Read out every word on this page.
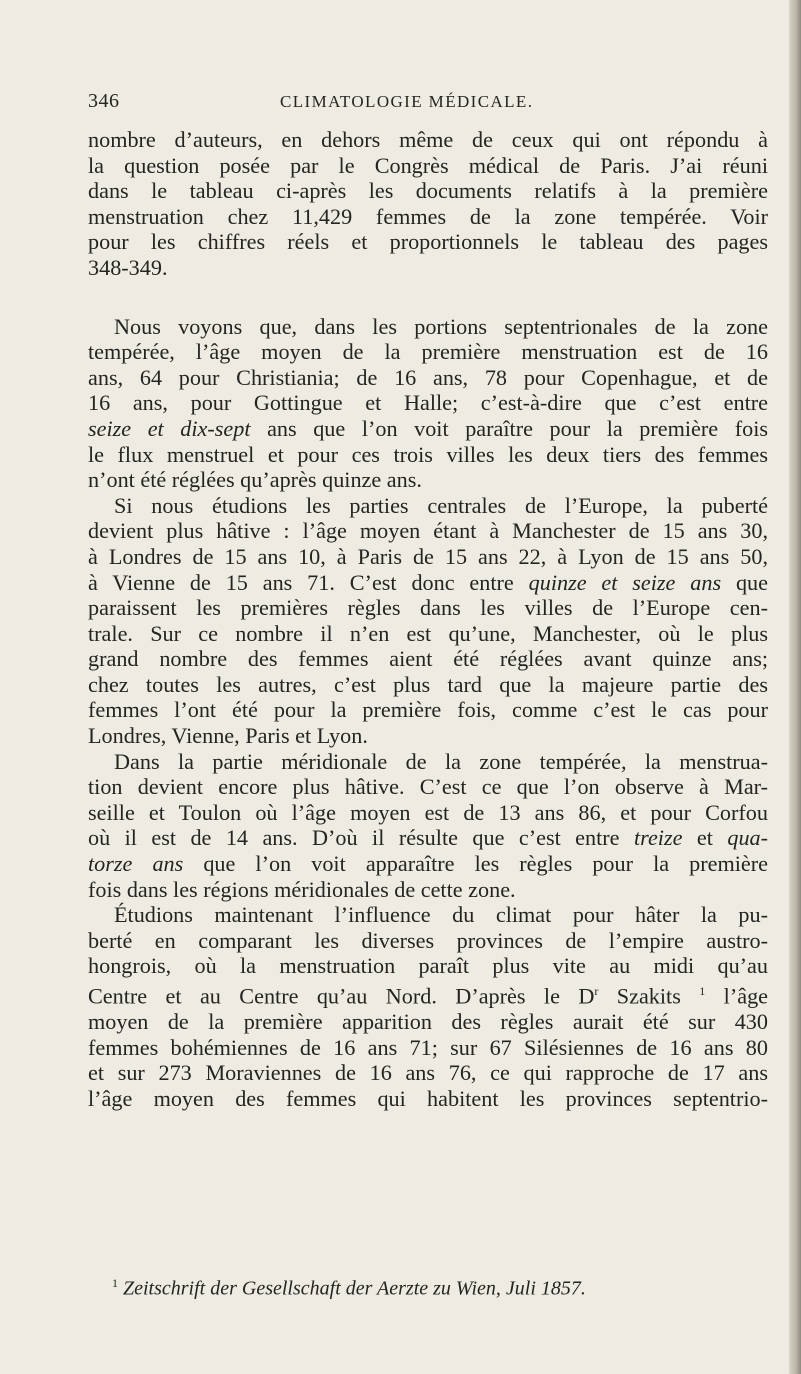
346	CLIMATOLOGIE MÉDICALE.
nombre d’auteurs, en dehors même de ceux qui ont répondu à
la question posée par le Congrès médical de Paris. J’ai réuni
dans le tableau ci-après les documents relatifs à la première
menstruation chez 11,429 femmes de la zone tempérée. Voir
pour les chiffres réels et proportionnels le tableau des pages
348-349.
Nous voyons que, dans les portions septentrionales de la zone
tempérée, l’âge moyen de la première menstruation est de 16
ans, 64 pour Christiania; de 16 ans, 78 pour Copenhague, et de
16 ans, pour Gottingue et Halle; c’est-à-dire que c’est entre
seize et dix-sept ans que l’on voit paraître pour la première fois
le flux menstruel et pour ces trois villes les deux tiers des femmes
n’ont été réglées qu’après quinze ans.
Si nous étudions les parties centrales de l’Europe, la puberté
devient plus hâtive : l’âge moyen étant à Manchester de 15 ans 30,
à Londres de 15 ans 10, à Paris de 15 ans 22, à Lyon de 15 ans 50,
à Vienne de 15 ans 71. C’est donc entre quinze et seize ans que
paraissent les premières règles dans les villes de l’Europe cen-
trale. Sur ce nombre il n’en est qu’une, Manchester, où le plus
grand nombre des femmes aient été réglées avant quinze ans;
chez toutes les autres, c’est plus tard que la majeure partie des
femmes l’ont été pour la première fois, comme c’est le cas pour
Londres, Vienne, Paris et Lyon.
Dans la partie méridionale de la zone tempérée, la menstrua-
tion devient encore plus hâtive. C’est ce que l’on observe à Mar-
seille et Toulon où l’âge moyen est de 13 ans 86, et pour Corfou
où il est de 14 ans. D’où il résulte que c’est entre treize et qua-
torze ans que l’on voit apparaître les règles pour la première
fois dans les régions méridionales de cette zone.
Étudions maintenant l’influence du climat pour hâter la pu-
berté en comparant les diverses provinces de l’empire austro-
hongrois, où la menstruation paraît plus vite au midi qu’au
Centre et au Centre qu’au Nord. D’après le $D^r$ Szakits $^1$ l’âge
moyen de la première apparition des règles aurait été sur 430
femmes bohémiennes de 16 ans 71; sur 67 Silésiennes de 16 ans 80
et sur 273 Moraviennes de 16 ans 76, ce qui rapproche de 17 ans
l’âge moyen des femmes qui habitent les provinces septentrio-
$^1$ Zeitschrift der Gesellschaft der Aerzte zu Wien, Juli 1857.
